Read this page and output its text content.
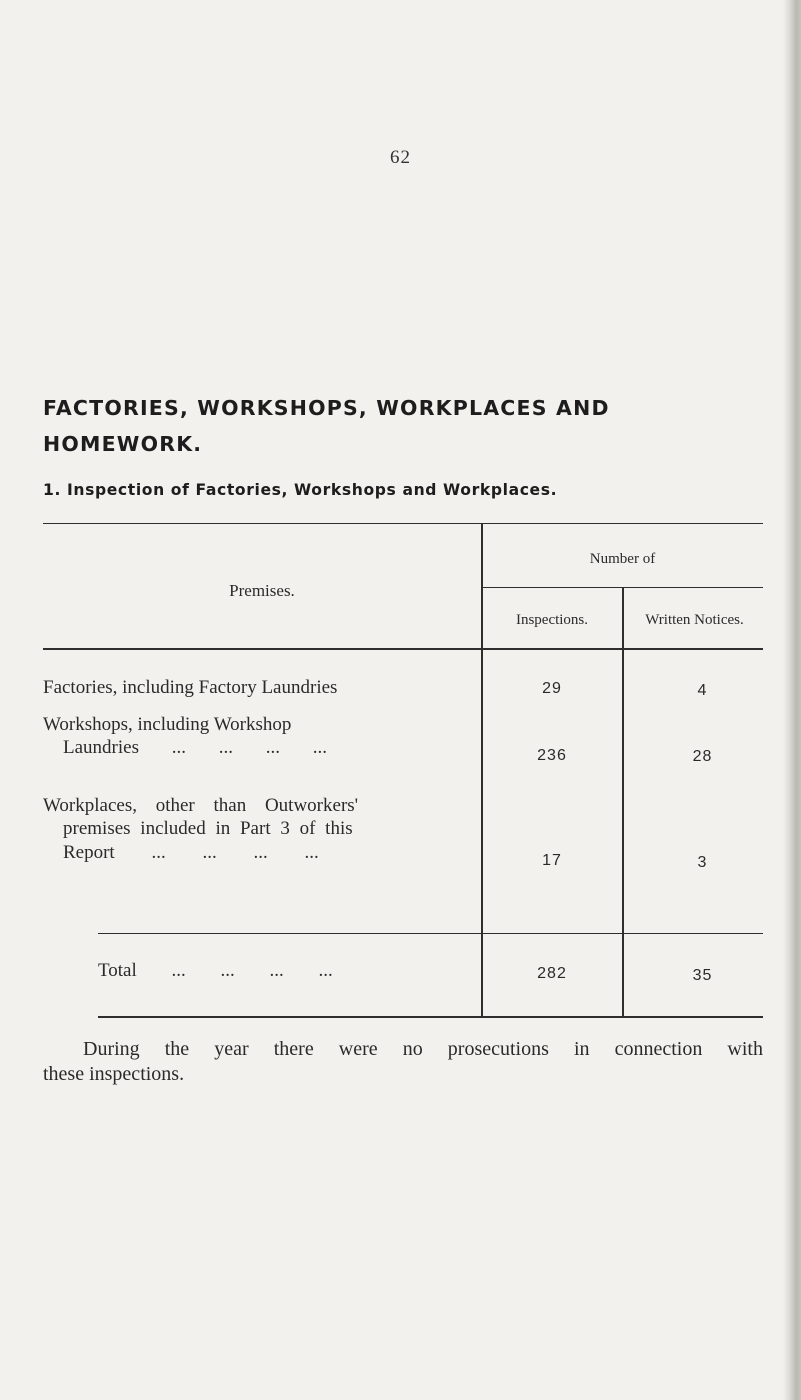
62
FACTORIES, WORKSHOPS, WORKPLACES AND HOMEWORK.
1. Inspection of Factories, Workshops and Workplaces.
Premises.
Number of
Inspections.	Written Notices.
Factories, including Factory Laundries	29	4
Workshops, including Workshop
Laundries ... ... ... ...	236	28
Workplaces, other than Outworkers'
premises included in Part 3 of this
Report ... ... ... ...	17	3
Total ... ... ... ...	282	35

During the year there were no prosecutions in connection with
these inspections.
